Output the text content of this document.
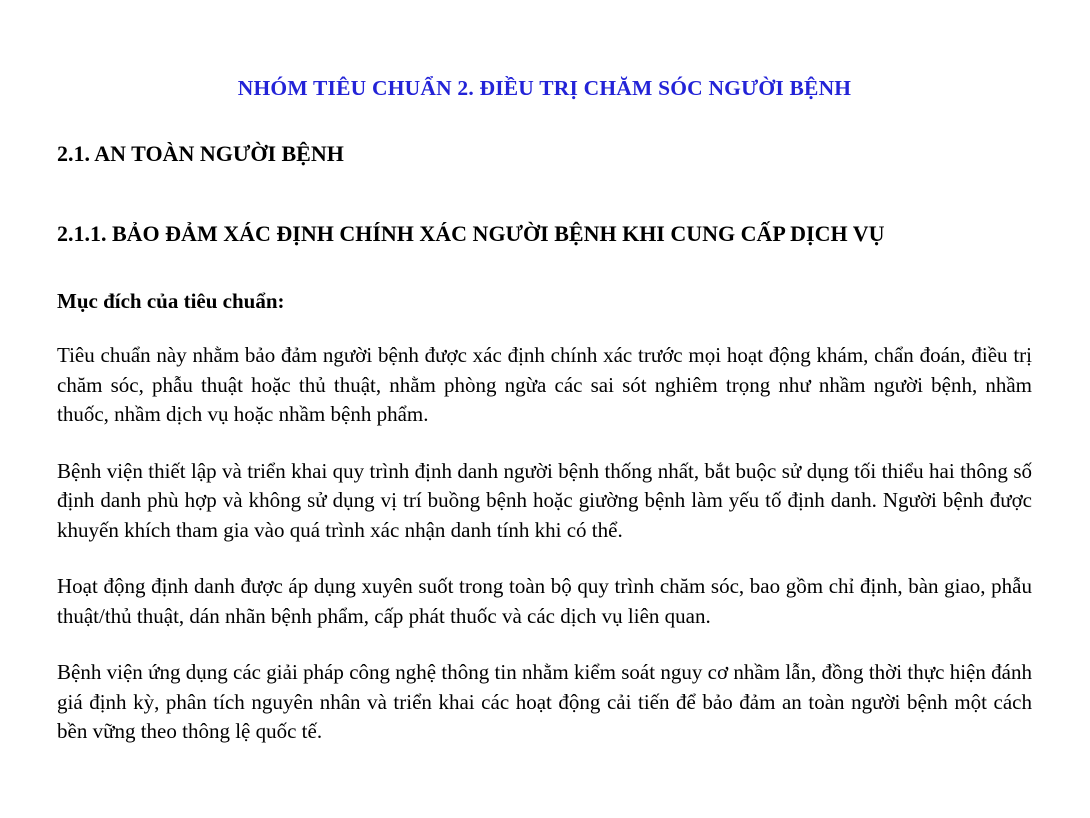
NHÓM TIÊU CHUẨN 2. ĐIỀU TRỊ CHĂM SÓC NGƯỜI BỆNH
2.1. AN TOÀN NGƯỜI BỆNH
2.1.1. BẢO ĐẢM XÁC ĐỊNH CHÍNH XÁC NGƯỜI BỆNH KHI CUNG CẤP DỊCH VỤ
Mục đích của tiêu chuẩn:

Tiêu chuẩn này nhằm bảo đảm người bệnh được xác định chính xác trước mọi hoạt động khám, chẩn đoán, điều trị chăm sóc, phẫu thuật hoặc thủ thuật, nhằm phòng ngừa các sai sót nghiêm trọng như nhầm người bệnh, nhầm thuốc, nhầm dịch vụ hoặc nhầm bệnh phẩm.

Bệnh viện thiết lập và triển khai quy trình định danh người bệnh thống nhất, bắt buộc sử dụng tối thiểu hai thông số định danh phù hợp và không sử dụng vị trí buồng bệnh hoặc giường bệnh làm yếu tố định danh. Người bệnh được khuyến khích tham gia vào quá trình xác nhận danh tính khi có thể.

Hoạt động định danh được áp dụng xuyên suốt trong toàn bộ quy trình chăm sóc, bao gồm chỉ định, bàn giao, phẫu thuật/thủ thuật, dán nhãn bệnh phẩm, cấp phát thuốc và các dịch vụ liên quan.

Bệnh viện ứng dụng các giải pháp công nghệ thông tin nhằm kiểm soát nguy cơ nhầm lẫn, đồng thời thực hiện đánh giá định kỳ, phân tích nguyên nhân và triển khai các hoạt động cải tiến để bảo đảm an toàn người bệnh một cách bền vững theo thông lệ quốc tế.
